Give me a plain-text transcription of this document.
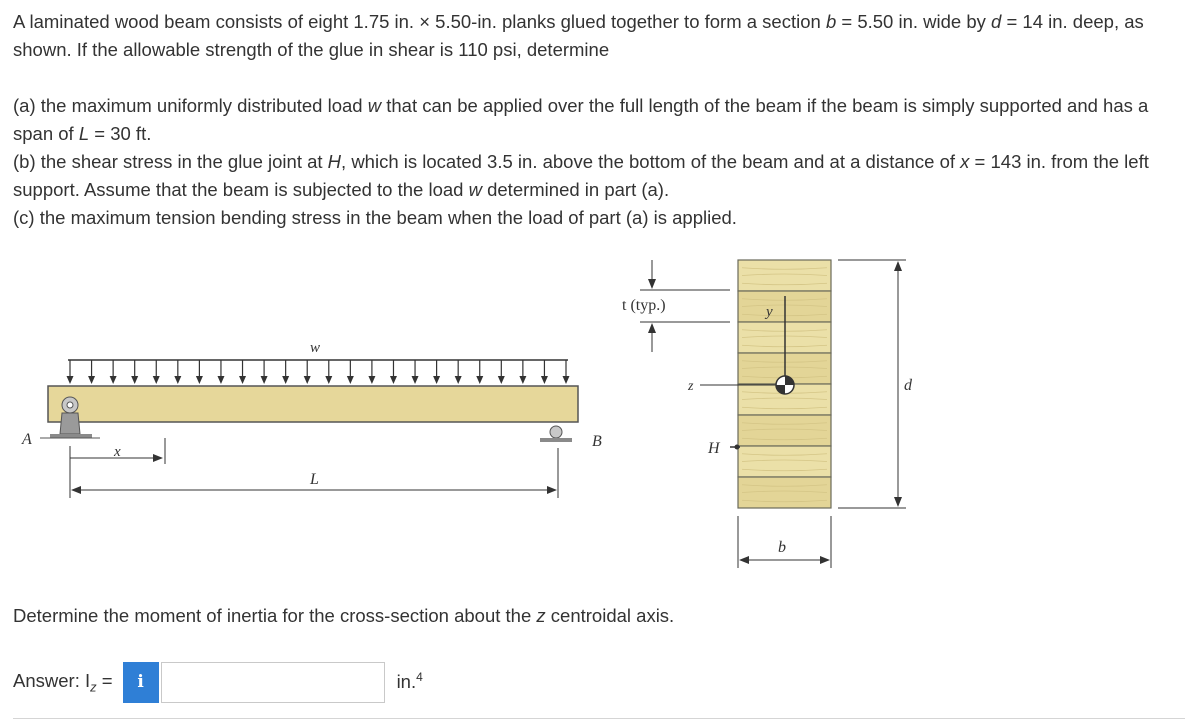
A laminated wood beam consists of eight 1.75 in. × 5.50-in. planks glued together to form a section b = 5.50 in. wide by d = 14 in. deep, as shown. If the allowable strength of the glue in shear is 110 psi, determine

(a) the maximum uniformly distributed load w that can be applied over the full length of the beam if the beam is simply supported and has a span of L = 30 ft.

(b) the shear stress in the glue joint at H, which is located 3.5 in. above the bottom of the beam and at a distance of x = 143 in. from the left support. Assume that the beam is subjected to the load w determined in part (a).

(c) the maximum tension bending stress in the beam when the load of part (a) is applied.

w
A	B
x
L
t (typ.)	y
z
H
d
b

Determine the moment of inertia for the cross-section about the z centroidal axis.

Answer: $I_z$ =	i	in.$^4$
